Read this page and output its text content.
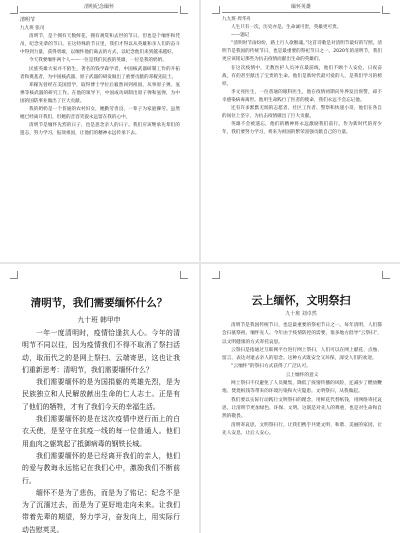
清明纪念缅怀

清明节

九九班 张司

清明节，是个拥有天数鲜花，拥有观赏和去世的节日。但也是个缅怀和凭吊，纪念先辈的节日。在这特殊的节日里，我们才得以从英雄和亲人们的奋斗中得到力量，获得勇敢，以缅怀他们离去的方式，以纪念他们来到越来越好。

今天我要缅怀两个人——一位是我们民族的英雄，一位是我的奶奶。

民族英雄大家并不陌生，著名的钱学森学者，中国核武器研制工作的开拓者和奠基者，为中国核武器、原子武器的研发做出了重要贡献的邓稼先院士。

邓稼先曾经在美国留学，取得博士学位后毅然回到祖国，从事原子弹、氢弹等核武器的研究工作。在他的领导下，中国成功研制出原子弹和氢弹，为中国的国防事业做出了巨大贡献。

我的奶奶是一个普通的农村妇女，她勤劳善良，一辈子为家庭操劳。虽然她已经离开我们，但她的音容笑貌永远留在我的心中。

清明节是缅怀先烈的日子，也是思念亲人的日子。我们应该继承先辈们的遗志，努力学习，报效祖国，让他们的精神永远传承下去。

缅怀英雄

九九班 周华舟

人生只有一次，历史亦是。生命诚可贵，英雄更可贵。

——题记

“清明时节雨纷纷，路上行人欲断魂。”这首诗歌是对清明节最好的写照。清明节是我国的传统节日，也是最重要的祭祀节日之一。2020年的清明节，我们更应该铭记那些为抗击疫情而献出生命的英雄们。

在这次疫情中，无数医护人员冲在最前线，他们不顾个人安危，日夜奋战，有的甚至献出了宝贵的生命。他们是新时代最可爱的人，是我们学习的榜样。

李文亮医生，一位普通的眼科医生，他在疫情初期向外界发出预警，却不幸感染病毒离世。他用生命践行了医者的使命，我们永远不会忘记他。

还有许多默默无闻的志愿者、社区工作者、警察和快递小哥，他们在各自的岗位上坚守，为抗击疫情做出了巨大贡献。

英雄不会被遗忘，他们的精神将永远激励我们前行。作为新时代的青少年，我们要努力学习，将来为祖国的繁荣富强贡献自己的力量。

清明节，我们需要缅怀什么？
九十班 韩甲申

一年一度清明时，疫情恰逢抗人心。今年的清明节不同以往，因为疫情我们不得不取消了祭扫活动，取而代之的是网上祭扫、云端寄思，这也让我们重新思考：清明节，我们需要缅怀什么？

我们需要缅怀的是为国捐躯的英雄先烈，是为民族独立和人民解放献出生命的仁人志士。正是有了他们的牺牲，才有了我们今天的幸福生活。

我们需要缅怀的是在这次疫情中逆行而上的白衣天使，是坚守在抗疫一线的每一位普通人。他们用血肉之躯筑起了抵御病毒的钢铁长城。

我们需要缅怀的是已经离开我们的亲人，他们的爱与教诲永远铭记在我们心中，激励我们不断前行。

缅怀不是为了悲伤，而是为了铭记；纪念不是为了沉湎过去，而是为了更好地走向未来。让我们带着先辈的期望，努力学习，奋发向上，用实际行动告慰英灵。

云上缅怀，文明祭扫
九十班 刘卓然

清明节是我国传统节日，也是最重要的祭祀节日之一。每年清明，人们都会扫墓祭祖，缅怀先人。今年由于疫情防控的需要，很多地方倡导“云祭扫”，以文明健康的方式寄托哀思。

云祭扫是指通过互联网平台进行网上祭扫，人们可以在网上献花、点烛、留言，表达对逝去亲人的思念。这种方式既安全又环保，深受人们的欢迎。

“云缅怀”的祭扫方式获得了广泛认可。

云上缅怀的意义

网上祭扫不仅避免了人员聚集，降低了疫情传播的风险，还减少了燃放鞭炮、焚烧纸钱等带来的环境污染和火灾隐患。文明祭扫，从我做起。

我们要以实际行动践行文明祭扫的理念，用鲜花代替纸钱，用网络寄托哀思，让清明节更加绿色、环保、文明。这既是对先人的尊重，也是对生命和自然的敬畏。

清明寄哀思，文明祭扫行。让我们携手共建文明、和谐、美丽的家园，让先人安息，让后人安心。
